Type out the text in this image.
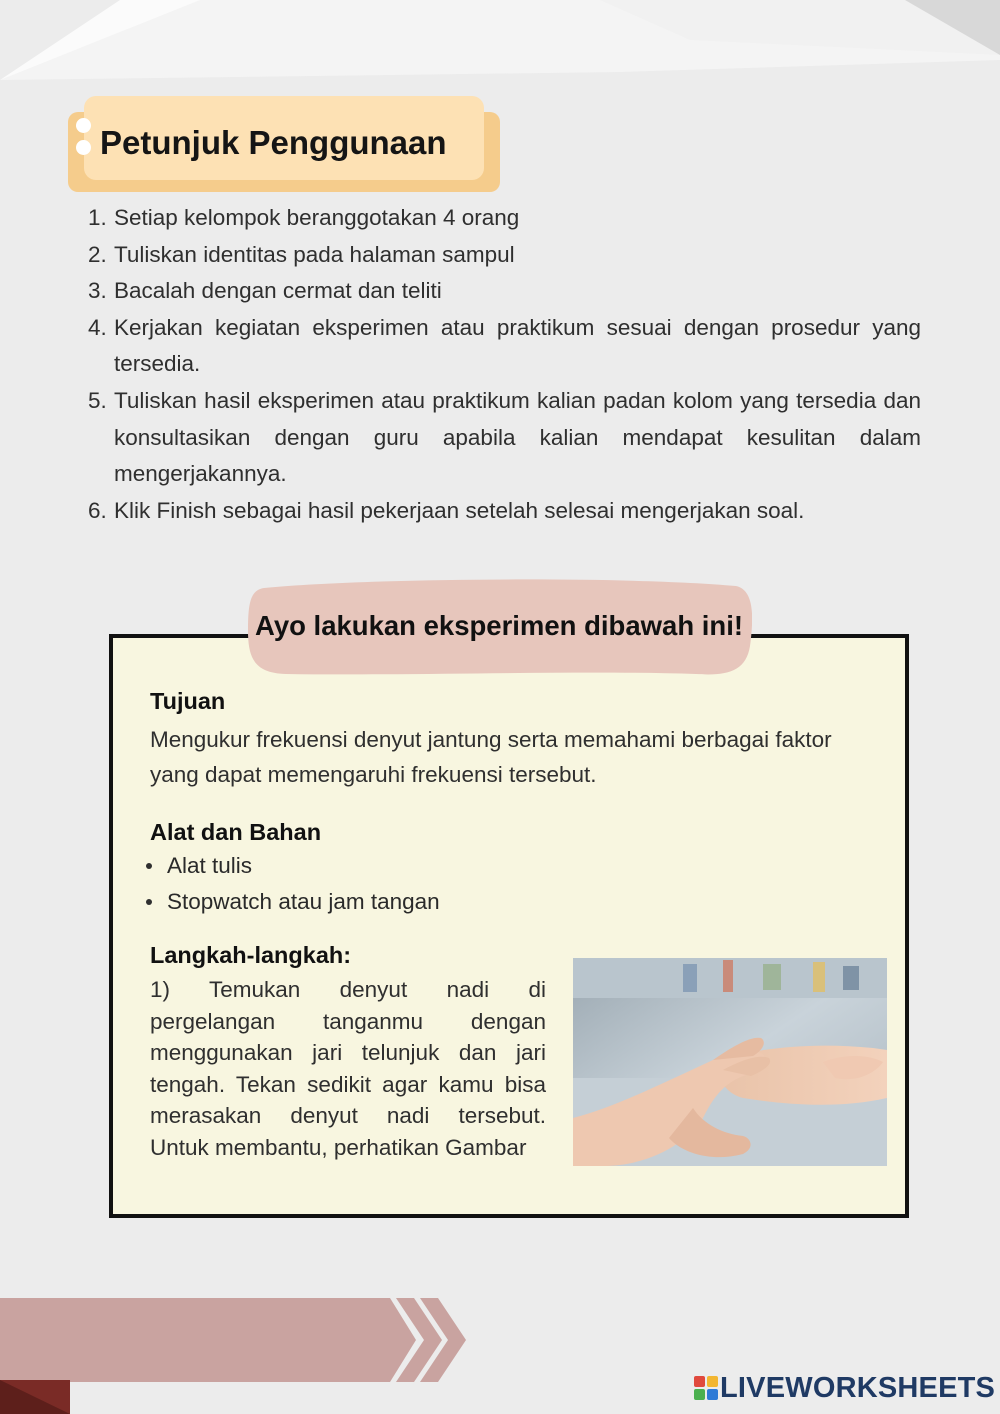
Petunjuk Penggunaan
1. Setiap kelompok beranggotakan 4 orang
2. Tuliskan identitas pada halaman sampul
3. Bacalah dengan cermat dan teliti
4. Kerjakan kegiatan eksperimen atau praktikum sesuai dengan prosedur yang tersedia.
5. Tuliskan hasil eksperimen atau praktikum kalian padan kolom yang tersedia dan konsultasikan dengan guru apabila kalian mendapat kesulitan dalam mengerjakannya.
6. Klik Finish sebagai hasil pekerjaan setelah selesai mengerjakan soal.
Ayo lakukan eksperimen dibawah ini!
Tujuan
Mengukur frekuensi denyut jantung serta memahami berbagai faktor
yang dapat memengaruhi frekuensi tersebut.
Alat dan Bahan
Alat tulis
Stopwatch atau jam tangan
Langkah-langkah:
1) Temukan denyut nadi di
pergelangan tanganmu dengan
menggunakan jari telunjuk dan jari
tengah. Tekan sedikit agar kamu bisa
merasakan denyut nadi tersebut.
Untuk membantu, perhatikan Gambar
LIVEWORKSHEETS
